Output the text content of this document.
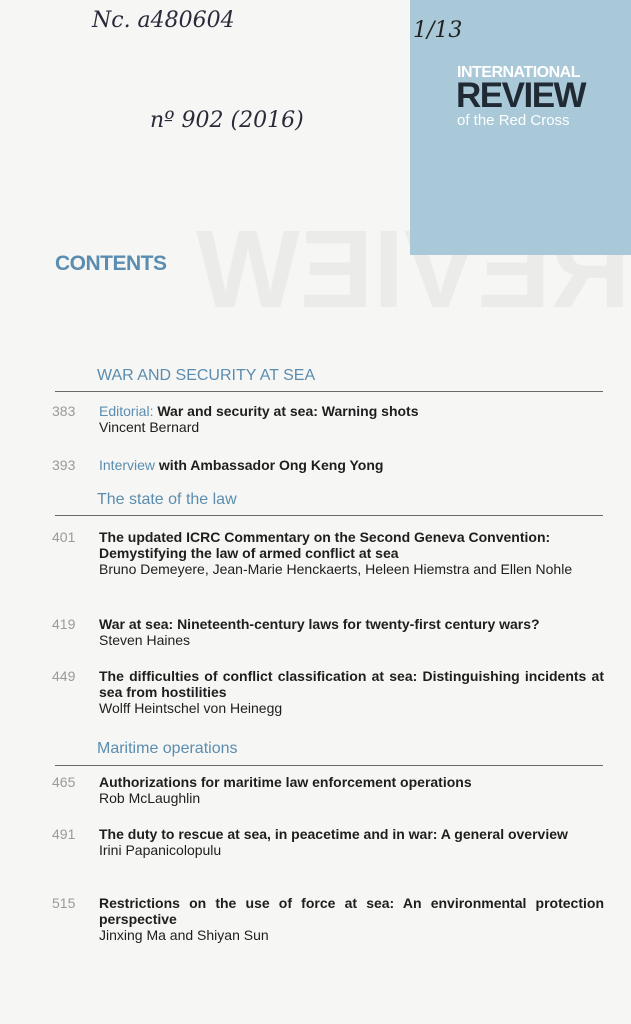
REVIEW
Nc. a480604
nº 902 (2016)
1/13
INTERNATIONAL
REVIEW
of the Red Cross
CONTENTS
WAR AND SECURITY AT SEA
383 Editorial: War and security at sea: Warning shots
Vincent Bernard
393 Interview with Ambassador Ong Keng Yong
The state of the law
401 The updated ICRC Commentary on the Second Geneva Convention: Demystifying the law of armed conflict at sea
Bruno Demeyere, Jean-Marie Henckaerts, Heleen Hiemstra and Ellen Nohle
419 War at sea: Nineteenth-century laws for twenty-first century wars?
Steven Haines
449 The difficulties of conflict classification at sea: Distinguishing incidents at sea from hostilities
Wolff Heintschel von Heinegg
Maritime operations
465 Authorizations for maritime law enforcement operations
Rob McLaughlin
491 The duty to rescue at sea, in peacetime and in war: A general overview
Irini Papanicolopulu
515 Restrictions on the use of force at sea: An environmental protection perspective
Jinxing Ma and Shiyan Sun
